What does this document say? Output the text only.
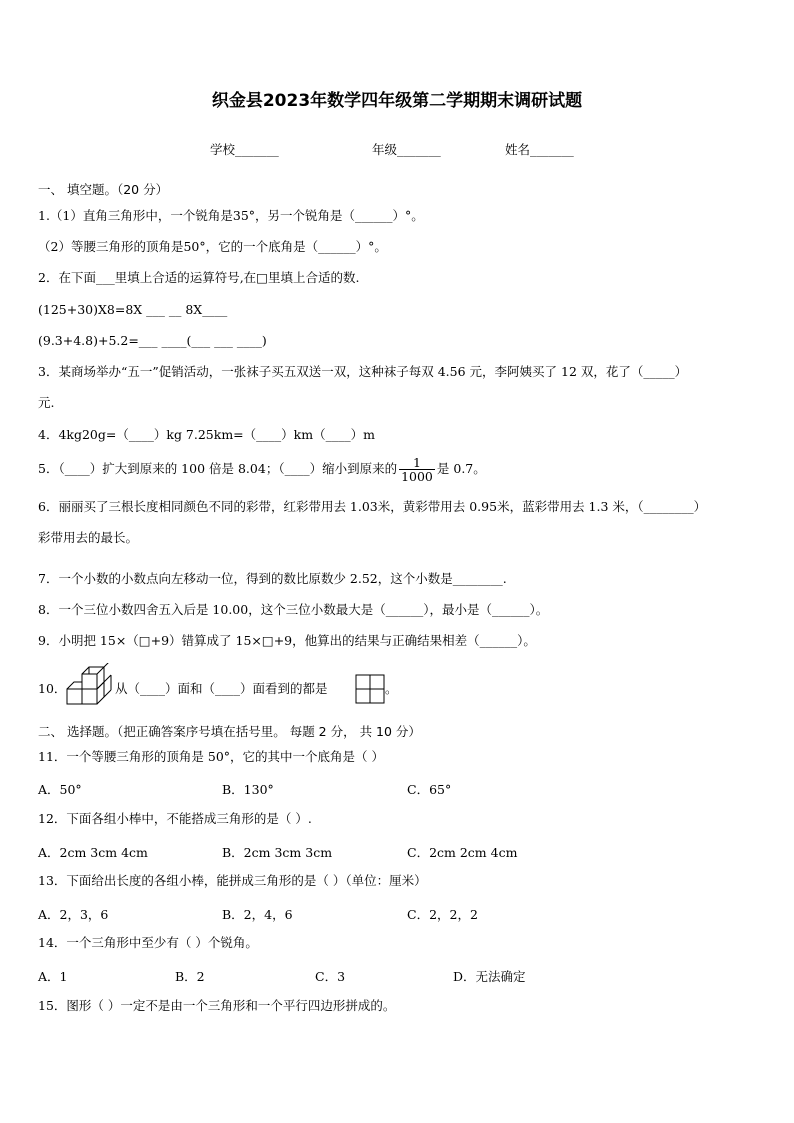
织金县2023年数学四年级第二学期期末调研试题
学校_______	年级_______	姓名_______
一、 填空题。（20 分）
1.（1）直角三角形中，一个锐角是35°，另一个锐角是（______）°。
（2）等腰三角形的顶角是50°，它的一个底角是（______）°。
2．在下面___里填上合适的运算符号,在□里填上合适的数.
(125+30)X8=8X ___ __ 8X____
(9.3+4.8)+5.2=___ ____(___ ___ ____)
3．某商场举办“五一”促销活动，一张袜子买五双送一双，这种袜子每双 4.56 元，李阿姨买了 12 双，花了（_____）
元.
4．4kg20g=（____）kg 7.25km=（____）km（____）m
5．（____）扩大到原来的 100 倍是 8.04；（____）缩小到原来的 $\frac{1}{1000}$ 是 0.7。
6．丽丽买了三根长度相同颜色不同的彩带，红彩带用去 1.03米，黄彩带用去 0.95米，蓝彩带用去 1.3 米，（________）
彩带用去的最长。
7．一个小数的小数点向左移动一位，得到的数比原数少 2.52，这个小数是________.
8．一个三位小数四舍五入后是 10.00，这个三位小数最大是（______），最小是（______）。
9．小明把 15×（□+9）错算成了 15×□+9，他算出的结果与正确结果相差（______）。
10．	从（____）面和（____）面看到的都是	。
二、 选择题。（把正确答案序号填在括号里。 每题 2 分， 共 10 分）
11．一个等腰三角形的顶角是 50°，它的其中一个底角是（ ）
A．50°	B．130°	C．65°
12．下面各组小棒中，不能搭成三角形的是（ ）.
A．2cm 3cm 4cm	B．2cm 3cm 3cm	C．2cm 2cm 4cm
13．下面给出长度的各组小棒，能拼成三角形的是（ ）（单位：厘米）
A．2，3，6	B．2，4，6	C．2，2，2
14．一个三角形中至少有（ ）个锐角。
A．1	B．2	C．3	D．无法确定
15．图形（ ）一定不是由一个三角形和一个平行四边形拼成的。
